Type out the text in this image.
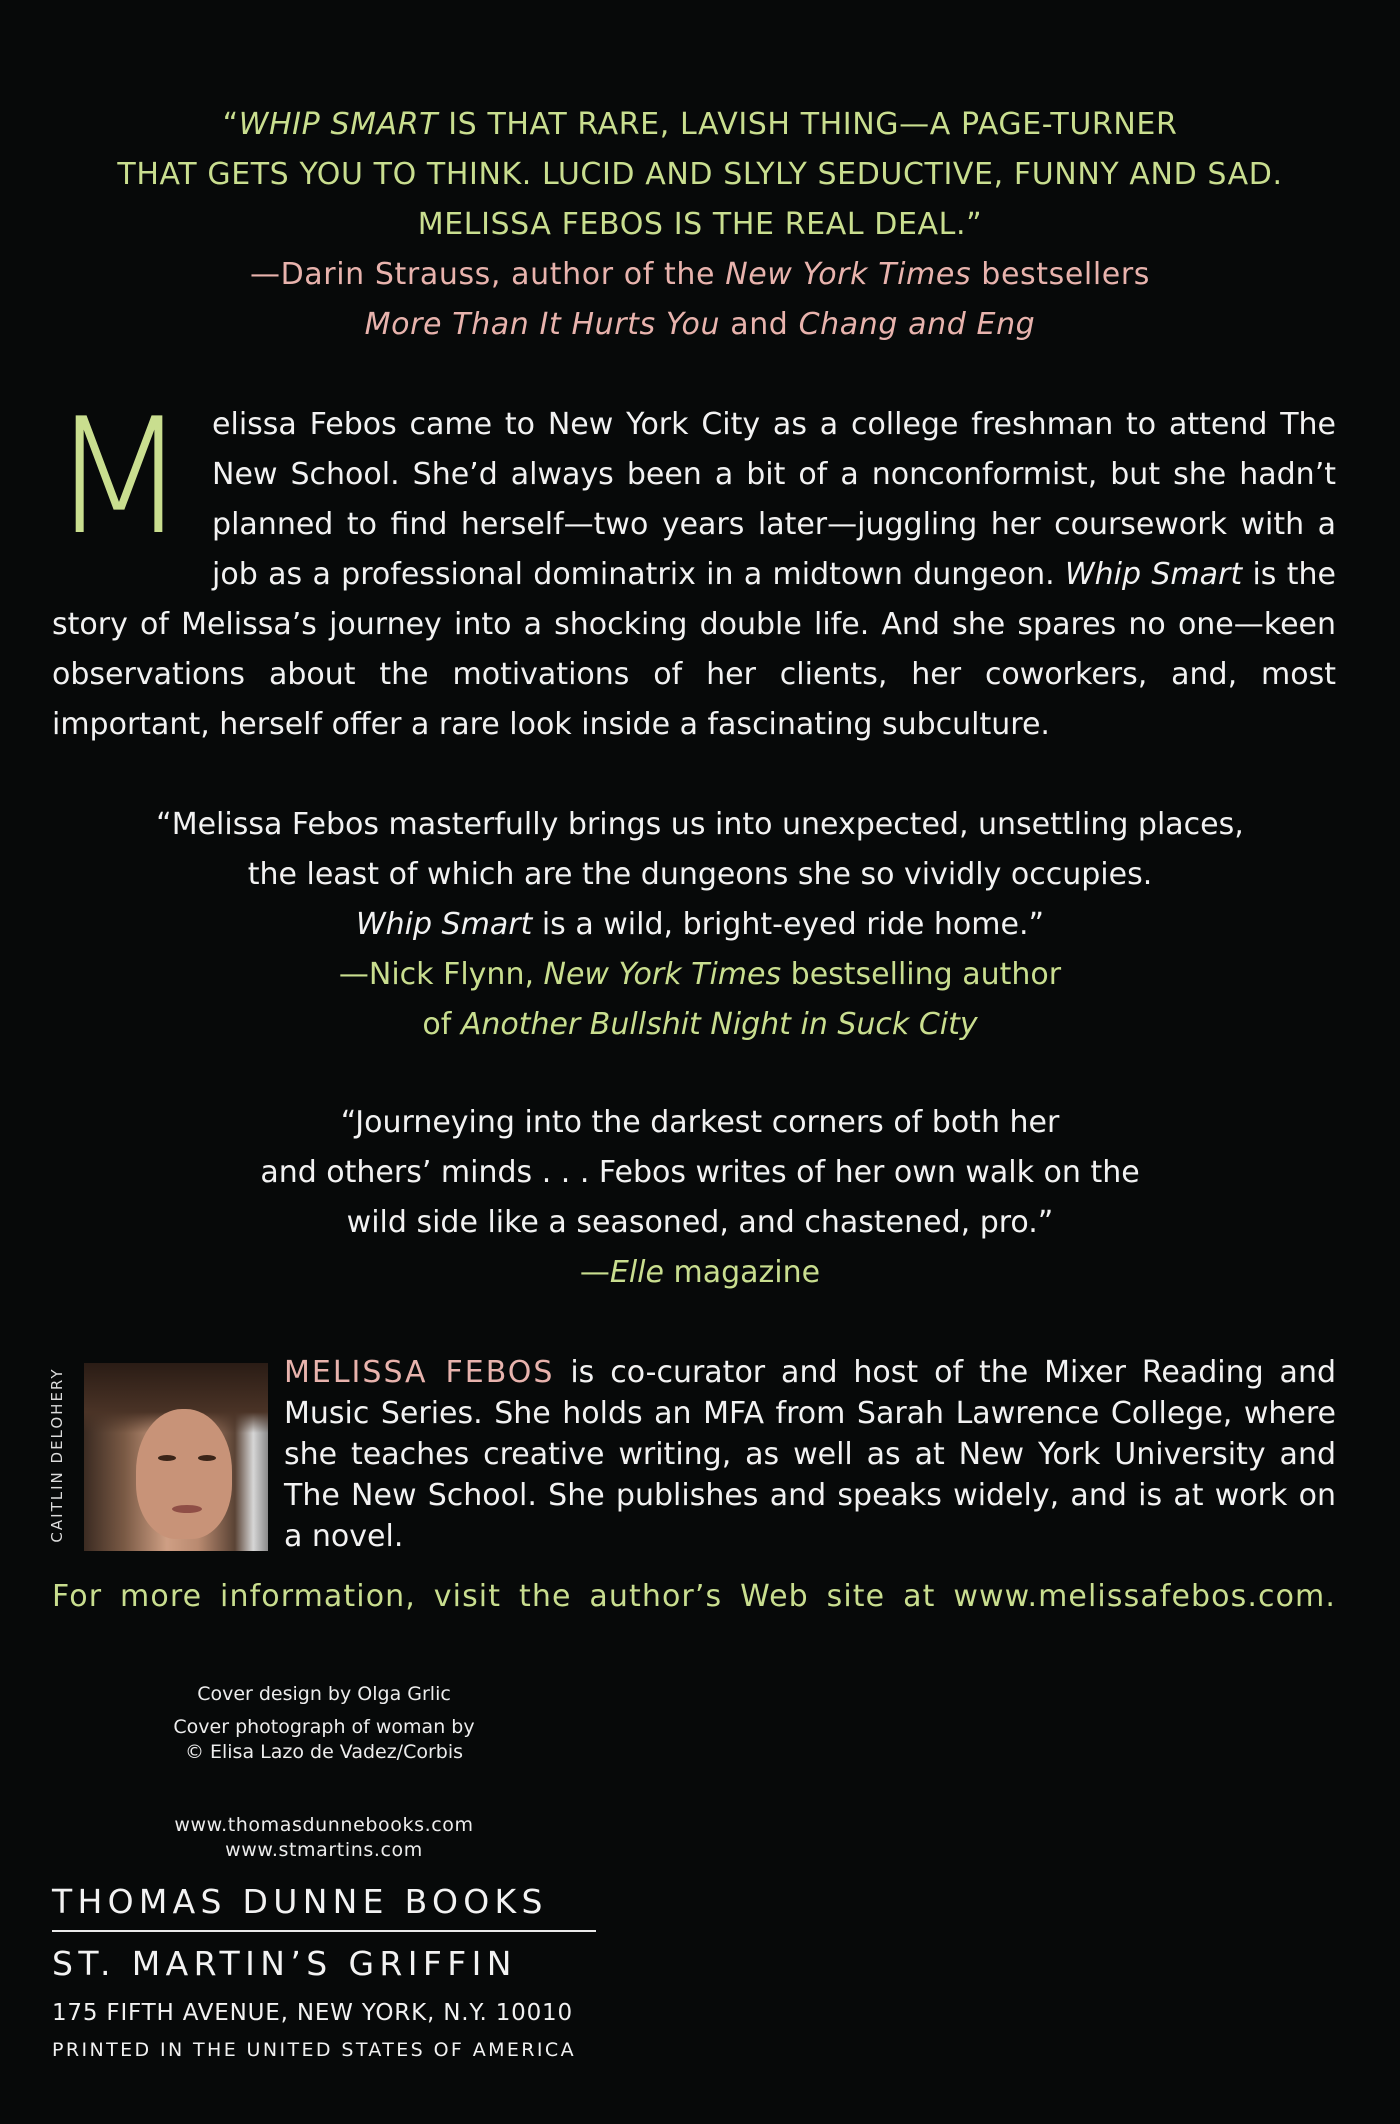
“WHIP SMART IS THAT RARE, LAVISH THING—A PAGE-TURNER
THAT GETS YOU TO THINK. LUCID AND SLYLY SEDUCTIVE, FUNNY AND SAD.
MELISSA FEBOS IS THE REAL DEAL.”
—Darin Strauss, author of the New York Times bestsellers
More Than It Hurts You and Chang and Eng
Melissa Febos came to New York City as a college freshman to attend The New School. She’d always been a bit of a nonconformist, but she hadn’t planned to find herself—two years later—juggling her coursework with a job as a professional dominatrix in a midtown dungeon. Whip Smart is the story of Melissa’s journey into a shocking double life. And she spares no one—keen observations about the motivations of her clients, her coworkers, and, most important, herself offer a rare look inside a fascinating subculture.
“Melissa Febos masterfully brings us into unexpected, unsettling places,
the least of which are the dungeons she so vividly occupies.
Whip Smart is a wild, bright-eyed ride home.”
—Nick Flynn, New York Times bestselling author
of Another Bullshit Night in Suck City
“Journeying into the darkest corners of both her
and others’ minds . . . Febos writes of her own walk on the
wild side like a seasoned, and chastened, pro.”
—Elle magazine
CAITLIN DELOHERY	MELISSA FEBOS is co-curator and host of the Mixer Reading and Music Series. She holds an MFA from Sarah Lawrence College, where she teaches creative writing, as well as at New York University and The New School. She publishes and speaks widely, and is at work on a novel.
For more information, visit the author’s Web site at www.melissafebos.com.
Cover design by Olga Grlic
Cover photograph of woman by
© Elisa Lazo de Vadez/Corbis
www.thomasdunnebooks.com
www.stmartins.com
THOMAS DUNNE BOOKS
ST. MARTIN’S GRIFFIN
175 FIFTH AVENUE, NEW YORK, N.Y. 10010
PRINTED IN THE UNITED STATES OF AMERICA
